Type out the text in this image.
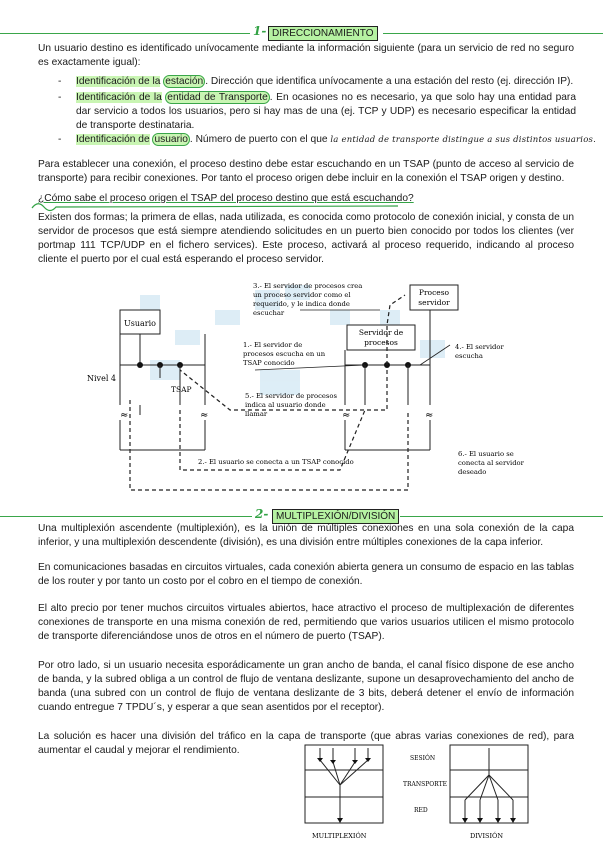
1- DIRECCIONAMIENTO

Un usuario destino es identificado unívocamente mediante la información siguiente (para un servicio de red no seguro es exactamente igual):

- Identificación de la estación . Dirección que identifica unívocamente a una estación del resto (ej. dirección IP).
- Identificación de la entidad de Transporte . En ocasiones no es necesario, ya que solo hay una entidad para dar servicio a todos los usuarios, pero si hay mas de una (ej. TCP y UDP) es necesario especificar la entidad de transporte destinataria.
- Identificación de usuario . Número de puerto con el que la entidad de transporte distingue a sus distintos usuarios.

Para establecer una conexión, el proceso destino debe estar escuchando en un TSAP (punto de acceso al servicio de transporte) para recibir conexiones. Por tanto el proceso origen debe incluir en la conexión el TSAP origen y destino.

¿Cómo sabe el proceso origen el TSAP del proceso destino que está escuchando?

Existen dos formas; la primera de ellas, nada utilizada, es conocida como protocolo de conexión inicial, y consta de un servidor de procesos que está siempre atendiendo solicitudes en un puerto bien conocido por todos los clientes (ver portmap 111 TCP/UDP en el fichero services). Este proceso, activará al proceso requerido, indicando al proceso cliente el puerto por el cual está esperando el proceso servidor.

Usuario
Nivel 4
TSAP
≈	≈
Servidor de
procesos
Proceso
servidor
≈	≈
3.- El servidor de procesos crea
un proceso servidor como el
requerido, y le indica donde
escuchar
1.- El servidor de
procesos escucha en un
TSAP conocido
4.- El servidor
escucha
5.- El servidor de procesos
indica al usuario donde
llamar
2.- El usuario se conecta a un TSAP conocido
6.- El usuario se
conecta al servidor
deseado
2- MULTIPLEXIÓN/DIVISIÓN

Una multiplexión ascendente (multiplexión), es la unión de múltiples conexiones en una sola conexión de la capa inferior, y una multiplexión descendente (división), es una división entre múltiples conexiones de la capa inferior.

En comunicaciones basadas en circuitos virtuales, cada conexión abierta genera un consumo de espacio en las tablas de los router y por tanto un costo por el cobro en el tiempo de conexión.

El alto precio por tener muchos circuitos virtuales abiertos, hace atractivo el proceso de multiplexación de diferentes conexiones de transporte en una misma conexión de red, permitiendo que varios usuarios utilicen el mismo protocolo de transporte diferenciándose unos de otros en el número de puerto (TSAP).

Por otro lado, si un usuario necesita esporádicamente un gran ancho de banda, el canal físico dispone de ese ancho de banda, y la subred obliga a un control de flujo de ventana deslizante, supone un desaprovechamiento del ancho de banda (una subred con un control de flujo de ventana deslizante de 3 bits, deberá detener el envío de información cuando entregue 7 TPDU´s, y esperar a que sean asentidos por el receptor).

La solución es hacer una división del tráfico en la capa de transporte (que abras varias conexiones de red), para aumentar el caudal y mejorar el rendimiento.

SESIÓN
TRANSPORTE
RED
MULTIPLEXIÓN	DIVISIÓN
